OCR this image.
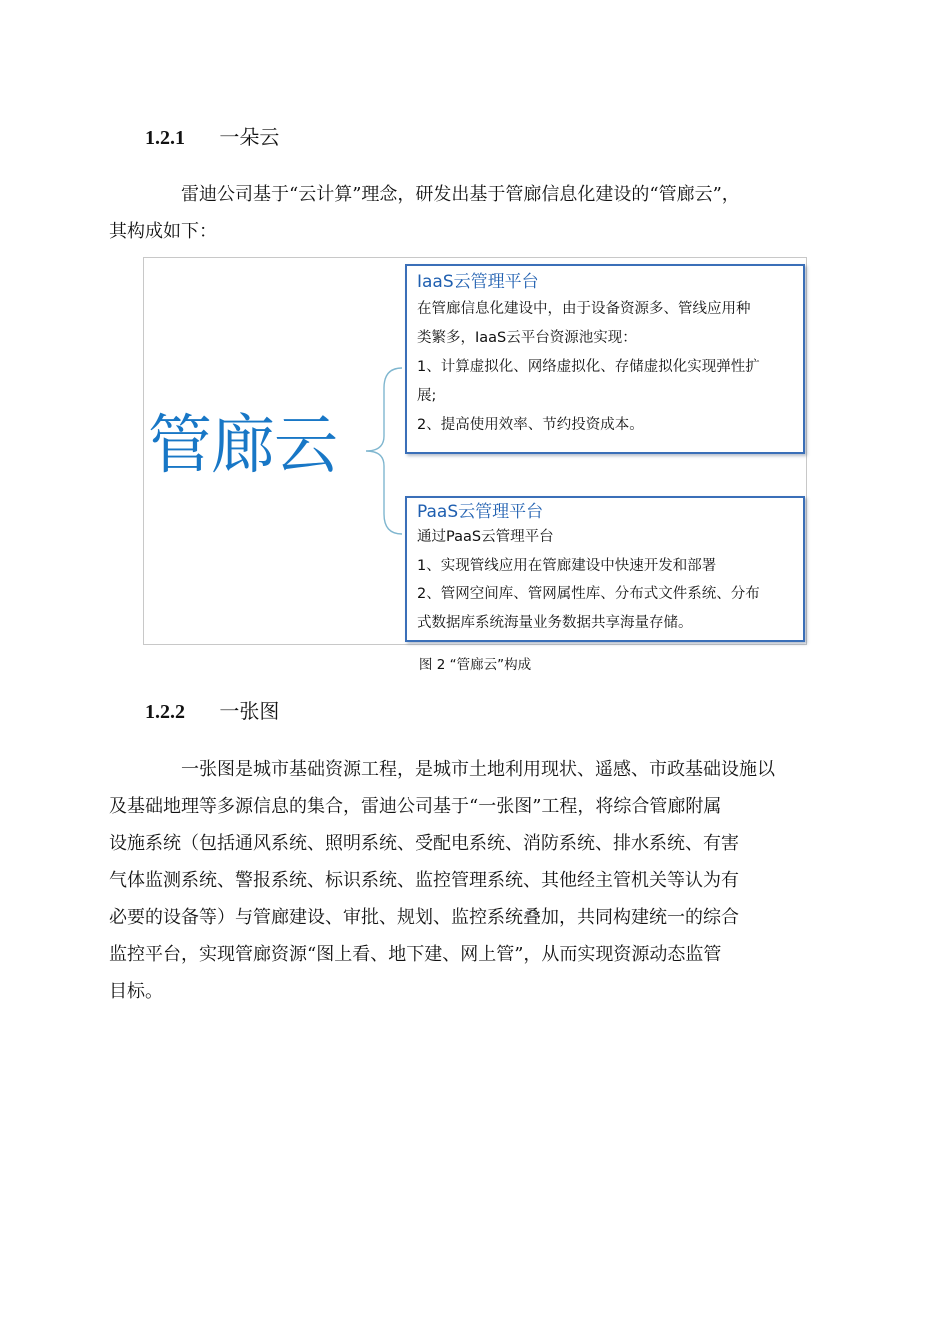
1.2.1 一朵云

雷迪公司基于“云计算”理念，研发出基于管廊信息化建设的“管廊云”，
其构成如下：

管廊云
IaaS云管理平台
在管廊信息化建设中，由于设备资源多、管线应用种
类繁多，IaaS云平台资源池实现：
1、计算虚拟化、网络虚拟化、存储虚拟化实现弹性扩
展;
2、提高使用效率、节约投资成本。
PaaS云管理平台
通过PaaS云管理平台
1、实现管线应用在管廊建设中快速开发和部署
2、管网空间库、管网属性库、分布式文件系统、分布
式数据库系统海量业务数据共享海量存储。
图 2 “管廊云”构成
1.2.2 一张图

一张图是城市基础资源工程，是城市土地利用现状、遥感、市政基础设施以
及基础地理等多源信息的集合，雷迪公司基于“一张图”工程，将综合管廊附属
设施系统（包括通风系统、照明系统、受配电系统、消防系统、排水系统、有害
气体监测系统、警报系统、标识系统、监控管理系统、其他经主管机关等认为有
必要的设备等）与管廊建设、审批、规划、监控系统叠加，共同构建统一的综合
监控平台，实现管廊资源“图上看、地下建、网上管”，从而实现资源动态监管
目标。
